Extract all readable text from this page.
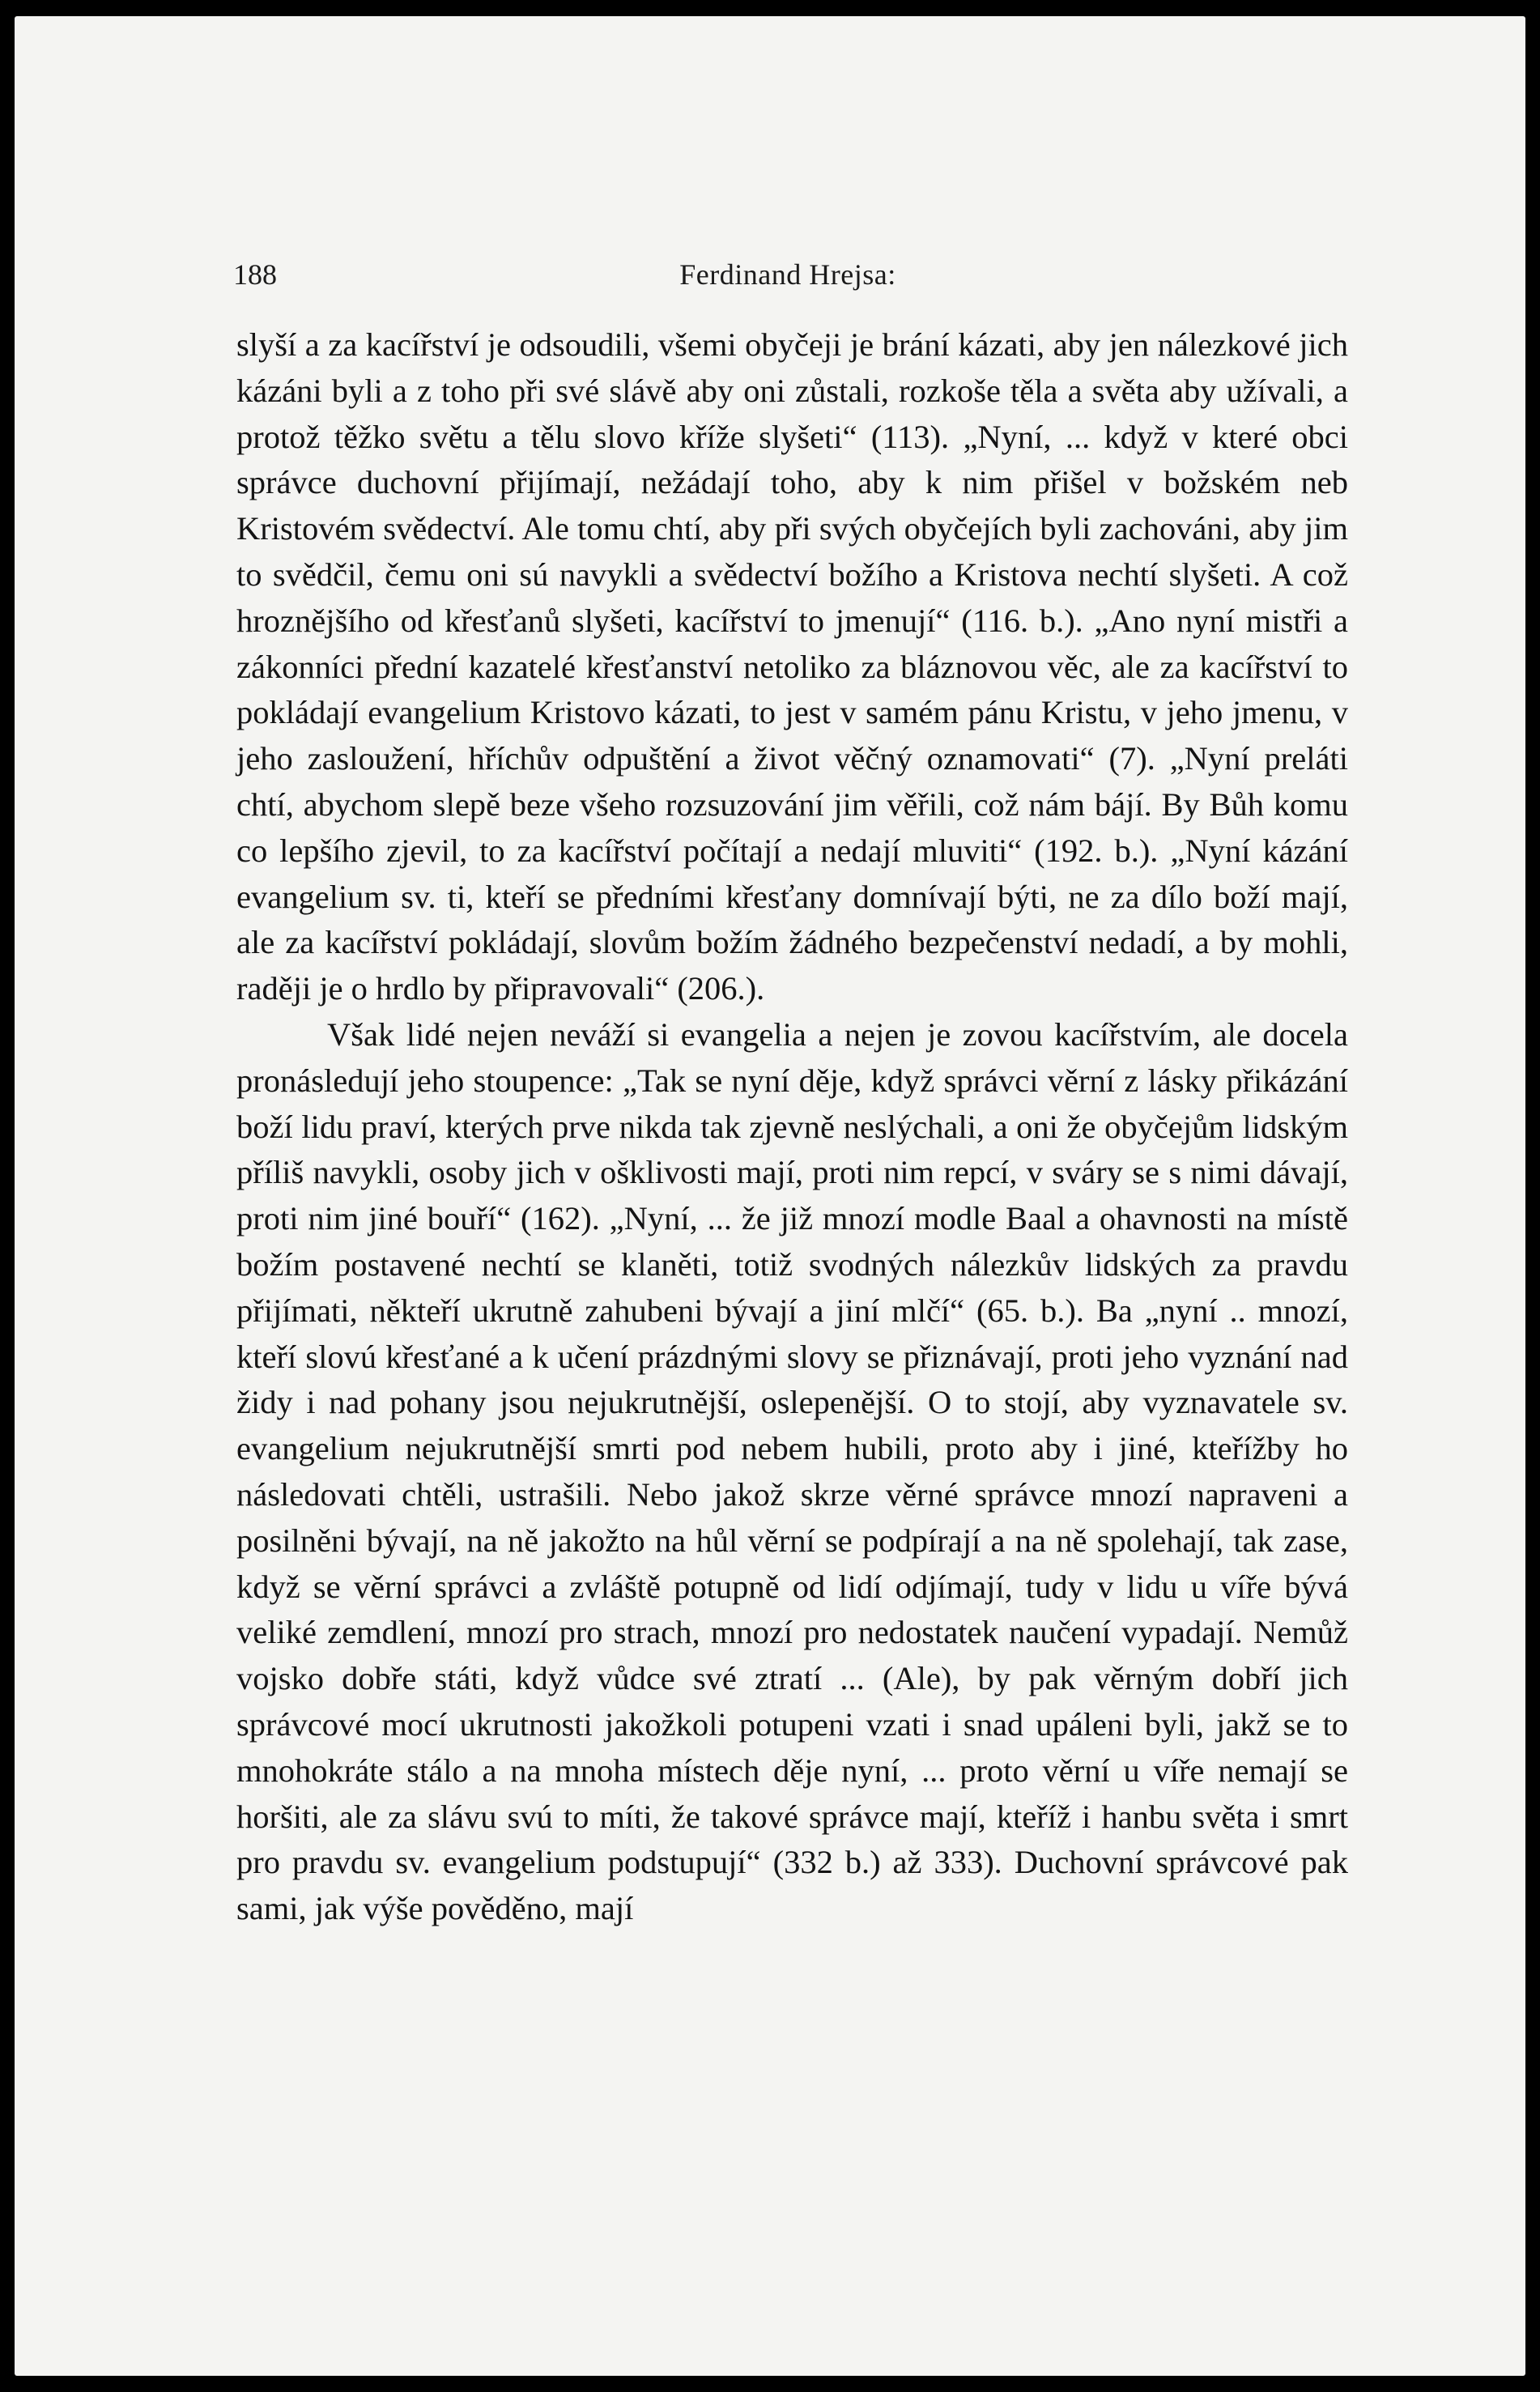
188	Ferdinand Hrejsa:

slyší a za kacířství je odsoudili, všemi obyčeji je brání kázati, aby jen nálezkové jich kázáni byli a z toho při své slávě aby oni zůstali, rozkoše těla a světa aby užívali, a protož těžko světu a tělu slovo kříže slyšeti“ (113). „Nyní, ... když v které obci správce duchovní přijímají, nežádají toho, aby k nim přišel v božském neb Kristovém svědectví. Ale tomu chtí, aby při svých obyčejích byli zachováni, aby jim to svědčil, čemu oni sú navykli a svědectví božího a Kristova nechtí slyšeti. A což hroznějšího od křesťanů slyšeti, kacířství to jmenují“ (116. b.). „Ano nyní mistři a zákonníci přední kazatelé křesťanství netoliko za bláznovou věc, ale za kacířství to pokládají evangelium Kristovo kázati, to jest v samém pánu Kristu, v jeho jmenu, v jeho zasloužení, hříchův odpuštění a život věčný oznamovati“ (7). „Nyní preláti chtí, abychom slepě beze všeho rozsuzování jim věřili, což nám bájí. By Bůh komu co lepšího zjevil, to za kacířství počítají a nedají mluviti“ (192. b.). „Nyní kázání evangelium sv. ti, kteří se předními křesťany domnívají býti, ne za dílo boží mají, ale za kacířství pokládají, slovům božím žádného bezpečenství nedadí, a by mohli, raději je o hrdlo by připravovali“ (206.).

Však lidé nejen neváží si evangelia a nejen je zovou kacířstvím, ale docela pronásledují jeho stoupence: „Tak se nyní děje, když správci věrní z lásky přikázání boží lidu praví, kterých prve nikda tak zjevně neslýchali, a oni že obyčejům lidským příliš navykli, osoby jich v ošklivosti mají, proti nim repcí, v sváry se s nimi dávají, proti nim jiné bouří“ (162). „Nyní, ... že již mnozí modle Baal a ohavnosti na místě božím postavené nechtí se klaněti, totiž svodných nálezkův lidských za pravdu přijímati, někteří ukrutně zahubeni bývají a jiní mlčí“ (65. b.). Ba „nyní .. mnozí, kteří slovú křesťané a k učení prázdnými slovy se přiznávají, proti jeho vyznání nad židy i nad pohany jsou nejukrutnější, oslepenější. O to stojí, aby vyznavatele sv. evangelium nejukrutnější smrti pod nebem hubili, proto aby i jiné, kteřížby ho následovati chtěli, ustrašili. Nebo jakož skrze věrné správce mnozí napraveni a posilněni bývají, na ně jakožto na hůl věrní se podpírají a na ně spolehají, tak zase, když se věrní správci a zvláště potupně od lidí odjímají, tudy v lidu u víře bývá veliké zemdlení, mnozí pro strach, mnozí pro nedostatek naučení vypadají. Nemůž vojsko dobře státi, když vůdce své ztratí ... (Ale), by pak věrným dobří jich správcové mocí ukrutnosti jakožkoli potupeni vzati i snad upáleni byli, jakž se to mnohokráte stálo a na mnoha místech děje nyní, ... proto věrní u víře nemají se horšiti, ale za slávu svú to míti, že takové správce mají, kteříž i hanbu světa i smrt pro pravdu sv. evangelium podstupují“ (332 b.) až 333). Duchovní správcové pak sami, jak výše pověděno, mají
